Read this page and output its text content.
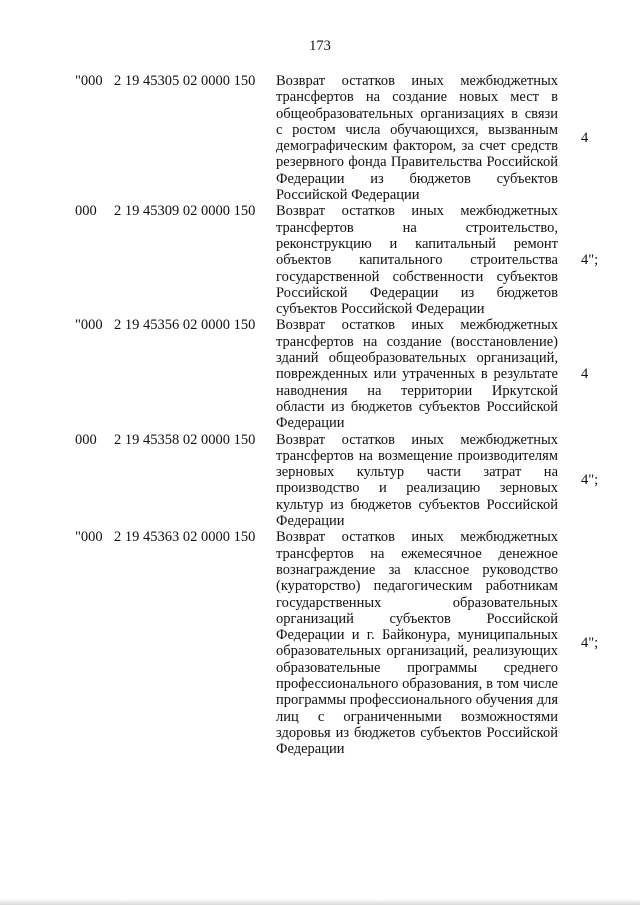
173
"000 2 19 45305 02 0000 150 Возврат остатков иных межбюджетных трансфертов на создание новых мест в общеобразовательных организациях в связи с ростом числа обучающихся, вызванным демографическим фактором, за счет средств резервного фонда Правительства Российской Федерации из бюджетов субъектов Российской Федерации
4
000 2 19 45309 02 0000 150 Возврат остатков иных межбюджетных трансфертов на строительство, реконструкцию и капитальный ремонт объектов капитального строительства государственной собственности субъектов Российской Федерации из бюджетов субъектов Российской Федерации
4";
"000 2 19 45356 02 0000 150 Возврат остатков иных межбюджетных трансфертов на создание (восстановление) зданий общеобразовательных организаций, поврежденных или утраченных в результате наводнения на территории Иркутской области из бюджетов субъектов Российской Федерации
4
000 2 19 45358 02 0000 150 Возврат остатков иных межбюджетных трансфертов на возмещение производителям зерновых культур части затрат на производство и реализацию зерновых культур из бюджетов субъектов Российской Федерации
4";
"000 2 19 45363 02 0000 150 Возврат остатков иных межбюджетных трансфертов на ежемесячное денежное вознаграждение за классное руководство (кураторство) педагогическим работникам государственных образовательных организаций субъектов Российской Федерации и г. Байконура, муниципальных образовательных организаций, реализующих образовательные программы среднего профессионального образования, в том числе программы профессионального обучения для лиц с ограниченными возможностями здоровья из бюджетов субъектов Российской Федерации
4";
